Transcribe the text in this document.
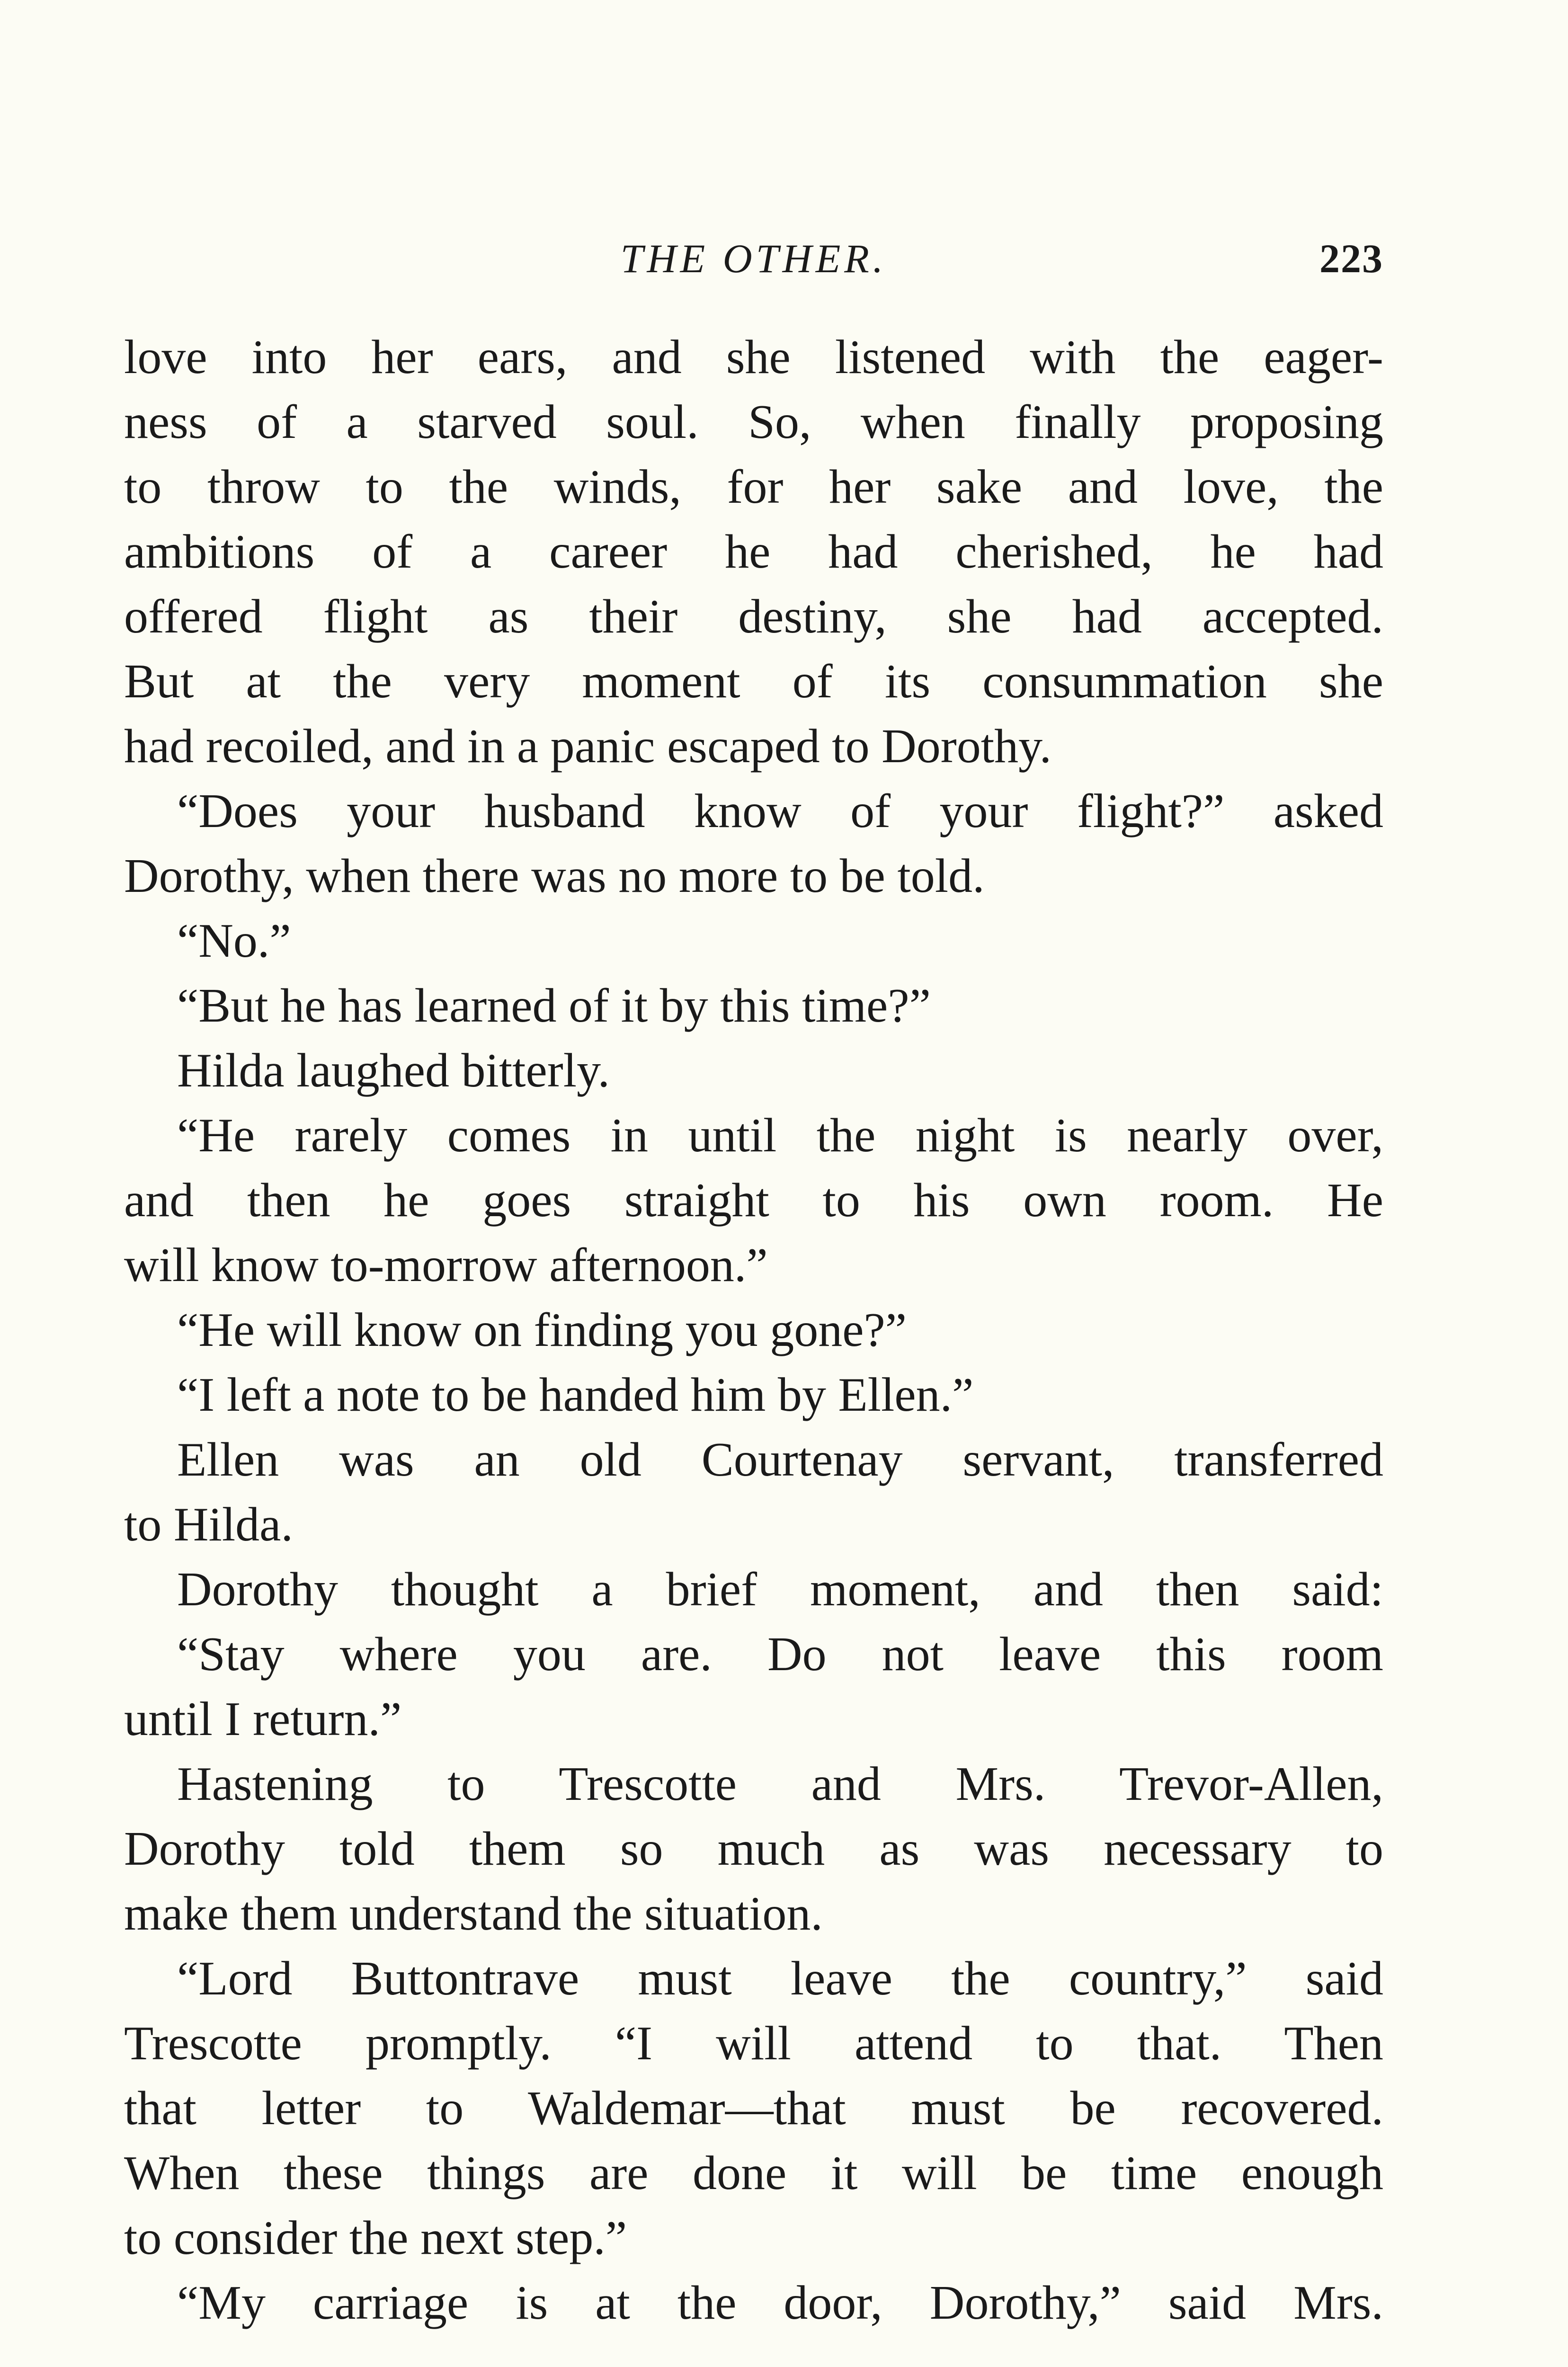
THE OTHER.	223
love into her ears, and she listened with the eager-
ness of a starved soul. So, when finally proposing
to throw to the winds, for her sake and love, the
ambitions of a career he had cherished, he had
offered flight as their destiny, she had accepted.
But at the very moment of its consummation she
had recoiled, and in a panic escaped to Dorothy.
“Does your husband know of your flight?” asked
Dorothy, when there was no more to be told.
“No.”
“But he has learned of it by this time?”
Hilda laughed bitterly.
“He rarely comes in until the night is nearly over,
and then he goes straight to his own room. He
will know to-morrow afternoon.”
“He will know on finding you gone?”
“I left a note to be handed him by Ellen.”
Ellen was an old Courtenay servant, transferred
to Hilda.
Dorothy thought a brief moment, and then said:
“Stay where you are. Do not leave this room
until I return.”
Hastening to Trescotte and Mrs. Trevor-Allen,
Dorothy told them so much as was necessary to
make them understand the situation.
“Lord Buttontrave must leave the country,” said
Trescotte promptly. “I will attend to that. Then
that letter to Waldemar—that must be recovered.
When these things are done it will be time enough
to consider the next step.”
“My carriage is at the door, Dorothy,” said Mrs.
